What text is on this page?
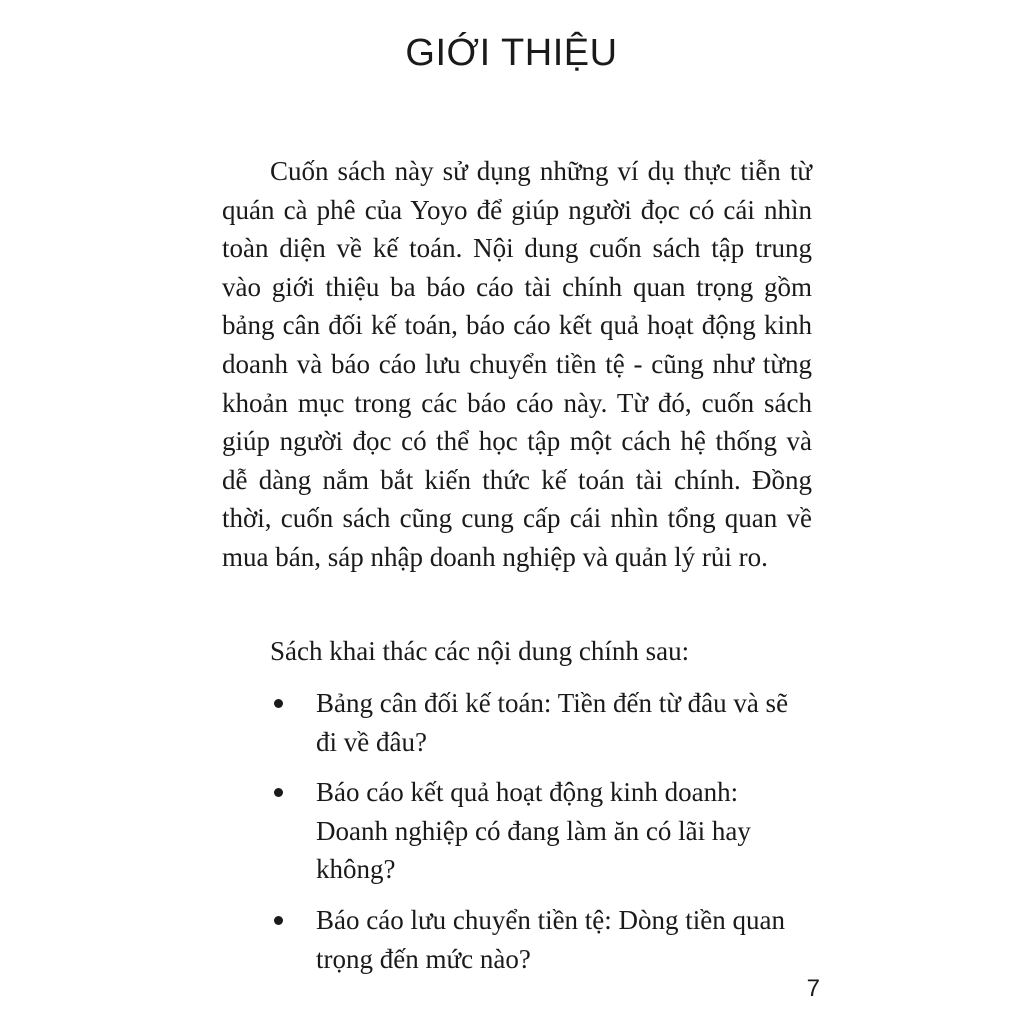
GIỚI THIỆU
Cuốn sách này sử dụng những ví dụ thực tiễn từ quán cà phê của Yoyo để giúp người đọc có cái nhìn toàn diện về kế toán. Nội dung cuốn sách tập trung vào giới thiệu ba báo cáo tài chính quan trọng gồm bảng cân đối kế toán, báo cáo kết quả hoạt động kinh doanh và báo cáo lưu chuyển tiền tệ - cũng như từng khoản mục trong các báo cáo này. Từ đó, cuốn sách giúp người đọc có thể học tập một cách hệ thống và dễ dàng nắm bắt kiến thức kế toán tài chính. Đồng thời, cuốn sách cũng cung cấp cái nhìn tổng quan về mua bán, sáp nhập doanh nghiệp và quản lý rủi ro.
Sách khai thác các nội dung chính sau:
Bảng cân đối kế toán: Tiền đến từ đâu và sẽ đi về đâu?
Báo cáo kết quả hoạt động kinh doanh: Doanh nghiệp có đang làm ăn có lãi hay không?
Báo cáo lưu chuyển tiền tệ: Dòng tiền quan trọng đến mức nào?
7
